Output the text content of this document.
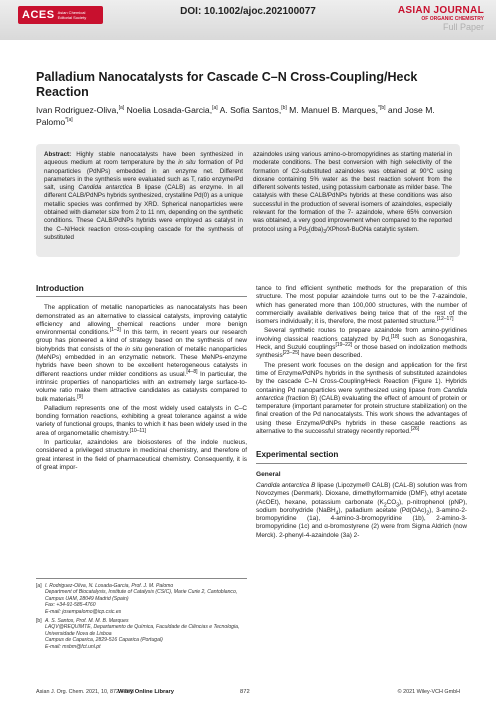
ACES Asian Chemical Editorial Society
DOI: 10.1002/ajoc.202100077	ASIAN JOURNAL
OF ORGANIC CHEMISTRY
Full Paper
Palladium Nanocatalysts for Cascade C–N Cross-Coupling/Heck Reaction
Ivan Rodriguez-Oliva,[a] Noelia Losada-Garcia,[a] A. Sofia Santos,[b] M. Manuel B. Marques,$^{*[b]}$ and Jose M. Palomo$^{*[a]}$

Abstract: Highly stable nanocatalysts have been synthesized in aqueous medium at room temperature by the in situ formation of Pd nanoparticles (PdNPs) embedded in an enzyme net. Different parameters in the synthesis were evaluated such as T, ratio enzyme/Pd salt, using Candida antarctica B lipase (CALB) as enzyme. In all different CALB/PdNPs hybrids synthesized, crystalline Pd(0) as a unique metallic species was confirmed by XRD. Spherical nanoparticles were obtained with diameter size from 2 to 11 nm, depending on the synthetic conditions. These CALB/PdNPs hybrids were employed as catalyst in the C–N/Heck reaction cross-coupling cascade for the synthesis of substituted

azaindoles using various amino-o-bromopyridines as starting material in moderate conditions. The best conversion with high selectivity of the formation of C2-substituted azaindoles was obtained at 90°C using dioxane containing 5% water as the best reaction solvent from the different solvents tested, using potassium carbonate as milder base. The catalysis with these CALB/PdNPs hybrids at these conditions was also successful in the production of several isomers of azaindoles, especially relevant for the formation of the 7- azaindole, where 65% conversion was obtained, a very good improvement when compared to the reported protocol using a $Pd_2(dba)_3/XPhos/t$-BuONa catalytic system.

Introduction

The application of metallic nanoparticles as nanocatalysts has been demonstrated as an alternative to classical catalysts, improving catalytic efficiency and allowing chemical reactions under more benign environmental conditions.[1–3] In this term, in recent years our research group has pioneered a kind of strategy based on the synthesis of new biohybrids that consists of the in situ generation of metallic nanoparticles (MeNPs) embedded in an enzymatic network. These MeNPs-enzyme hybrids have been shown to be excellent heterogeneous catalysts in different reactions under milder conditions as usual.[4–8] In particular, the intrinsic properties of nanoparticles with an extremely large surface-to-volume ratio make them attractive candidates as catalysts compared to bulk materials.[9]

Palladium represents one of the most widely used catalysts in C–C bonding formation reactions, exhibiting a great tolerance against a wide variety of functional groups, thanks to which it has been widely used in the area of organometallic chemistry.[10–11]

In particular, azaindoles are bioisosteres of the indole nucleus, considered a privileged structure in medicinal chemistry, and therefore of great interest in the field of pharmaceutical chemistry. Consequently, it is of great impor-

[a] I. Rodriguez-Oliva, N. Losada-Garcia, Prof. J. M. Palomo

Department of Biocatalysis, Institute of Catalysis (CSIC), Marie Curie 2, Cantoblanco, Campus UAM, 28049 Madrid (Spain)

Fax: +34-91-585-4760

E-mail: josempalomo@icp.csic.es

[b] A. S. Santos, Prof. M. M. B. Marques

LAQV@REQUIMTE, Departamento de Química, Faculdade de Ciências e Tecnologia, Universidade Nova de Lisboa

Campus de Caparica, 2829-516 Caparica (Portugal)

E-mail: msbm@fct.unl.pt

tance to find efficient synthetic methods for the preparation of this structure. The most popular azaindole turns out to be the 7-azaindole, which has generated more than 100,000 structures, with the number of commercially available derivatives being twice that of the rest of the isomers individually; it is, therefore, the most patented structure.[12–17]

Several synthetic routes to prepare azaindole from amino-pyridines involving classical reactions catalyzed by Pd,[18] such as Sonogashira, Heck, and Suzuki couplings[19–22] or those based on indolization methods synthesis[23–25] have been described.

The present work focuses on the design and application for the first time of Enzyme/PdNPs hybrids in the synthesis of substituted azaindoles by the cascade C–N Cross-Coupling/Heck Reaction (Figure 1). Hybrids containing Pd nanoparticles were synthesized using lipase from Candida antarctica (fraction B) (CALB) evaluating the effect of amount of protein or temperature (important parameter for protein structure stabilization) on the final creation of the Pd nanocatalysts. This work shows the advantages of using these Enzyme/PdNPs hybrids in these cascade reactions as alternative to the successful strategy recently reported.[26]

Experimental section
General

Candida antarctica B lipase (Lipozyme® CALB) (CAL-B) solution was from Novozymes (Denmark). Dioxane, dimethylformamide (DMF), ethyl acetate (AcOEt), hexane, potassium carbonate $(K_2CO_3)$, p-nitrophenol (pNP), sodium borohydride (NaBH$_4$), palladium acetate $(Pd(OAc)_2)$, 3-amino-2-bromopyridine (1a), 4-amino-3-bromopyridine (1b), 2-amino-3-bromopyridine (1c) and α-bromostyrene (2) were from Sigma Aldrich (now Merck). 2-phenyl-4-azaindole (3a) 2-

Asian J. Org. Chem. 2021, 10, 872 – 878
Wiley Online Library	872	© 2021 Wiley-VCH GmbH
